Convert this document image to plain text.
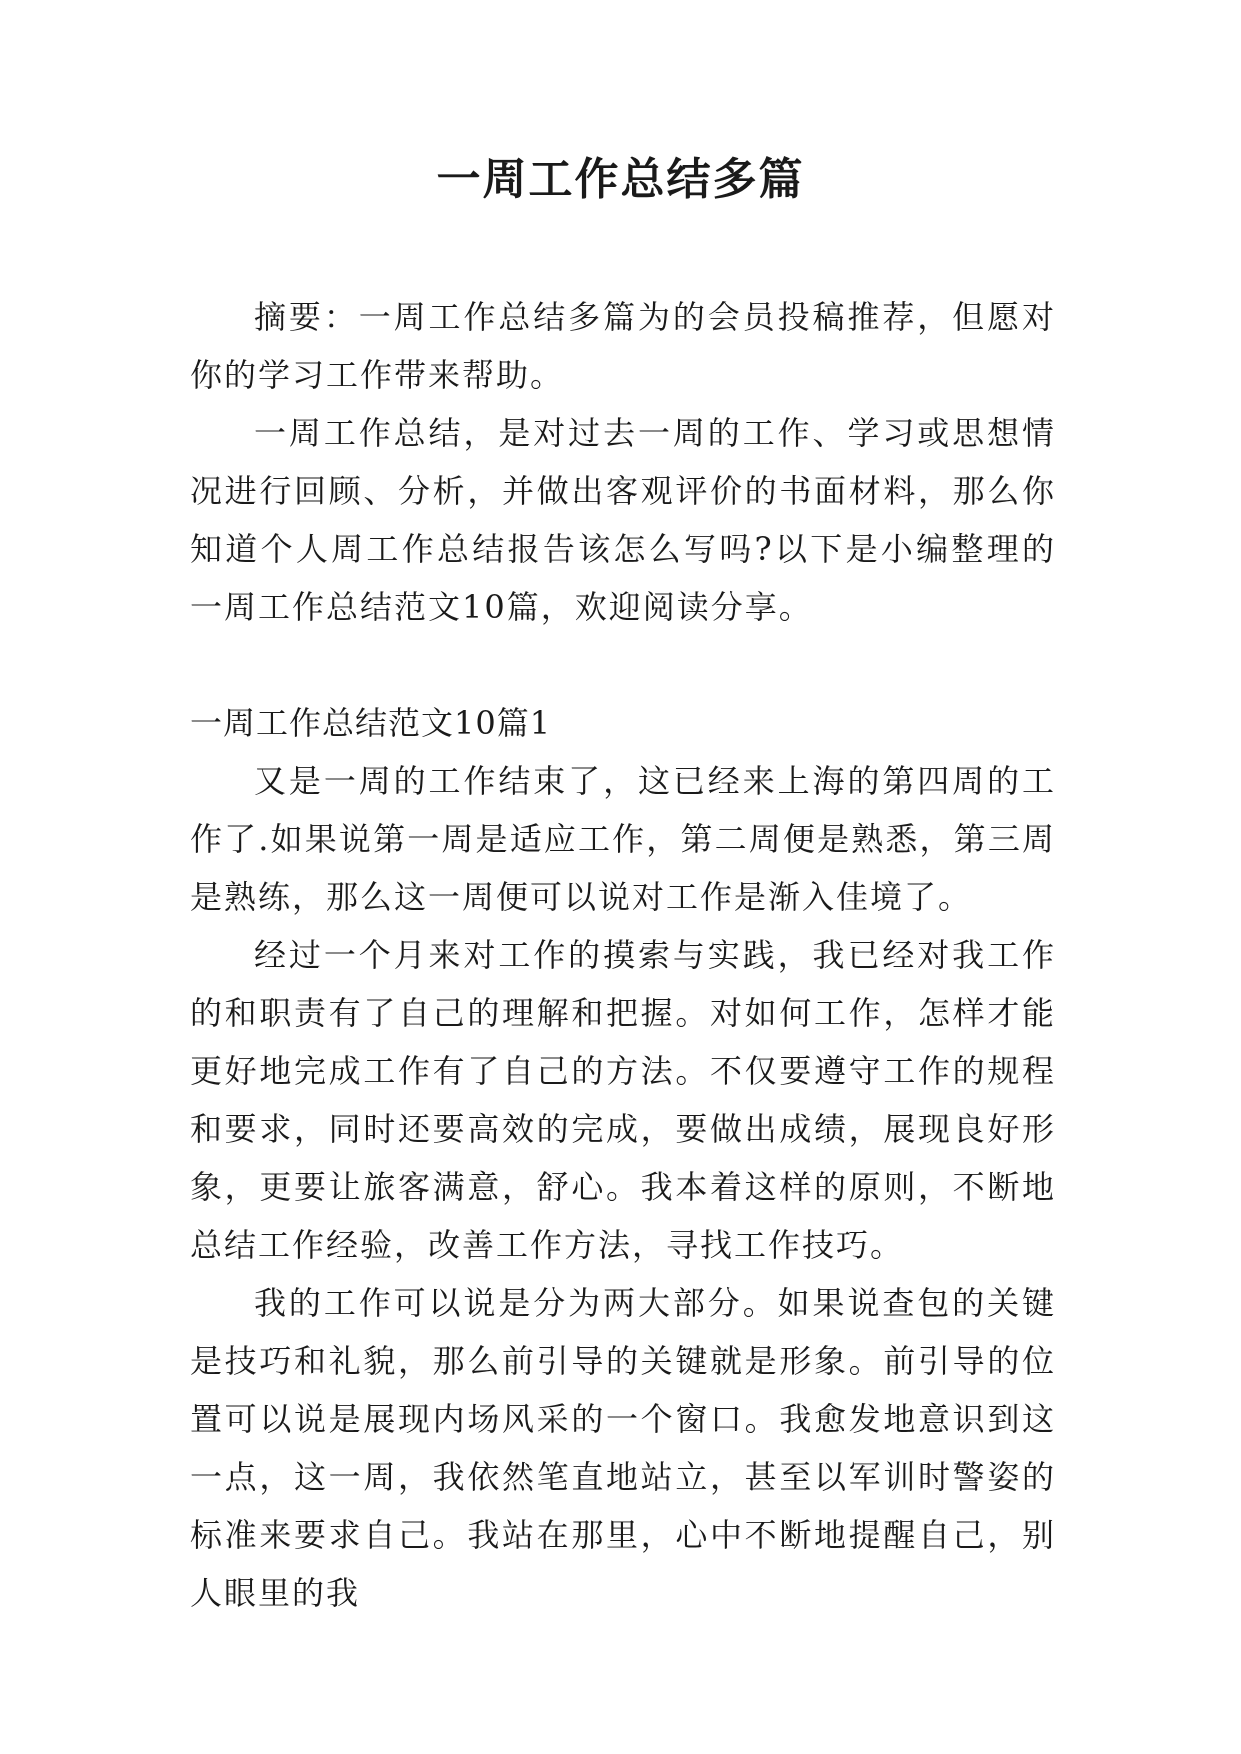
一周工作总结多篇

摘要：一周工作总结多篇为的会员投稿推荐，但愿对你的学习工作带来帮助。

一周工作总结，是对过去一周的工作、学习或思想情况进行回顾、分析，并做出客观评价的书面材料，那么你知道个人周工作总结报告该怎么写吗?以下是小编整理的一周工作总结范文10篇，欢迎阅读分享。

一周工作总结范文10篇1

又是一周的工作结束了，这已经来上海的第四周的工作了.如果说第一周是适应工作，第二周便是熟悉，第三周是熟练，那么这一周便可以说对工作是渐入佳境了。

经过一个月来对工作的摸索与实践，我已经对我工作的和职责有了自己的理解和把握。对如何工作，怎样才能更好地完成工作有了自己的方法。不仅要遵守工作的规程和要求，同时还要高效的完成，要做出成绩，展现良好形象，更要让旅客满意，舒心。我本着这样的原则，不断地总结工作经验，改善工作方法，寻找工作技巧。

我的工作可以说是分为两大部分。如果说查包的关键是技巧和礼貌，那么前引导的关键就是形象。前引导的位置可以说是展现内场风采的一个窗口。我愈发地意识到这一点，这一周，我依然笔直地站立，甚至以军训时警姿的标准来要求自己。我站在那里，心中不断地提醒自己，别人眼里的我
